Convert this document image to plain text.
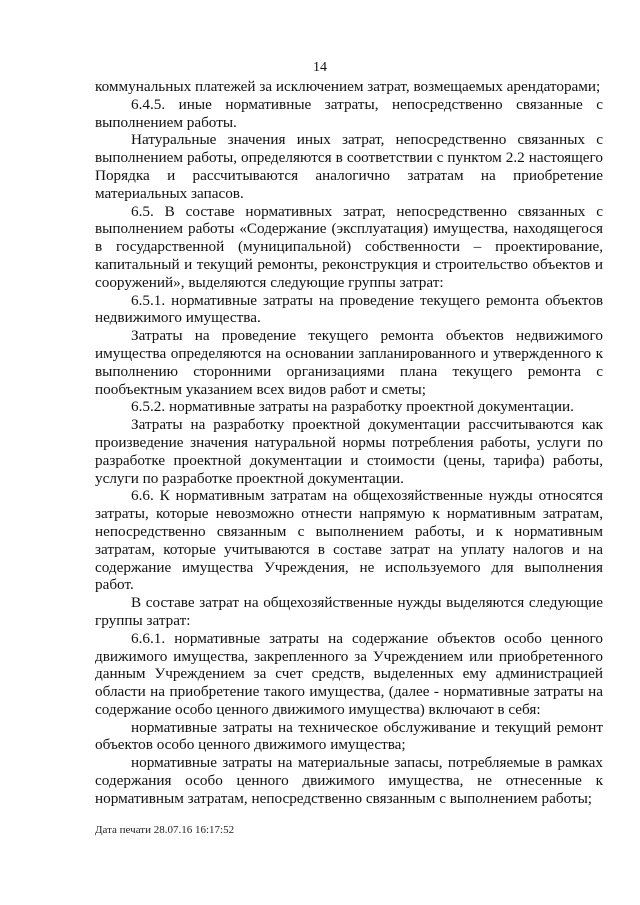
14

коммунальных платежей за исключением затрат, возмещаемых арендаторами;

6.4.5. иные нормативные затраты, непосредственно связанные с выполнением работы.

Натуральные значения иных затрат, непосредственно связанных с выполнением работы, определяются в соответствии с пунктом 2.2 настоящего Порядка и рассчитываются аналогично затратам на приобретение материальных запасов.

6.5. В составе нормативных затрат, непосредственно связанных с выполнением работы «Содержание (эксплуатация) имущества, находящегося в государственной (муниципальной) собственности – проектирование, капитальный и текущий ремонты, реконструкция и строительство объектов и сооружений», выделяются следующие группы затрат:

6.5.1. нормативные затраты на проведение текущего ремонта объектов недвижимого имущества.

Затраты на проведение текущего ремонта объектов недвижимого имущества определяются на основании запланированного и утвержденного к выполнению сторонними организациями плана текущего ремонта с пообъектным указанием всех видов работ и сметы;

6.5.2. нормативные затраты на разработку проектной документации.

Затраты на разработку проектной документации рассчитываются как произведение значения натуральной нормы потребления работы, услуги по разработке проектной документации и стоимости (цены, тарифа) работы, услуги по разработке проектной документации.

6.6. К нормативным затратам на общехозяйственные нужды относятся затраты, которые невозможно отнести напрямую к нормативным затратам, непосредственно связанным с выполнением работы, и к нормативным затратам, которые учитываются в составе затрат на уплату налогов и на содержание имущества Учреждения, не используемого для выполнения работ.

В составе затрат на общехозяйственные нужды выделяются следующие группы затрат:

6.6.1. нормативные затраты на содержание объектов особо ценного движимого имущества, закрепленного за Учреждением или приобретенного данным Учреждением за счет средств, выделенных ему администрацией области на приобретение такого имущества, (далее - нормативные затраты на содержание особо ценного движимого имущества) включают в себя:

нормативные затраты на техническое обслуживание и текущий ремонт объектов особо ценного движимого имущества;

нормативные затраты на материальные запасы, потребляемые в рамках содержания особо ценного движимого имущества, не отнесенные к нормативным затратам, непосредственно связанным с выполнением работы;

Дата печати 28.07.16 16:17:52
